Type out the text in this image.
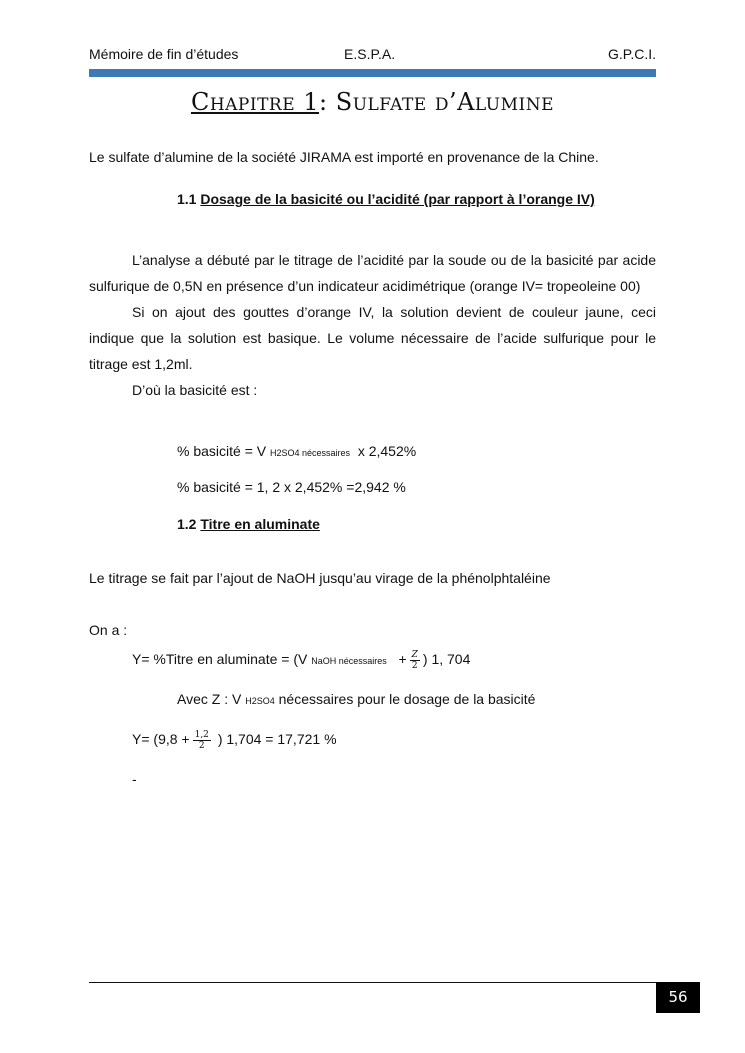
Mémoire de fin d’études	E.S.P.A.	G.P.C.I.
Chapitre 1: Sulfate d’Alumine
Le sulfate d’alumine de la société JIRAMA est importé en provenance de la Chine.
1.1 Dosage de la basicité ou l’acidité (par rapport à l’orange IV)

L’analyse a débuté par le titrage de l’acidité par la soude ou de la basicité par acide sulfurique de 0,5N en présence d’un indicateur acidimétrique (orange IV= tropeoleine 00)

Si on ajout des gouttes d’orange IV, la solution devient de couleur jaune, ceci indique que la solution est basique. Le volume nécessaire de l’acide sulfurique pour le titrage est 1,2ml.

D’où la basicité est :

% basicité = V H2SO4 nécessaires x 2,452%
% basicité = 1, 2 x 2,452% =2,942 %
1.2 Titre en aluminate
Le titrage se fait par l’ajout de NaOH jusqu’au virage de la phénolphtaléine
On a :
Y= %Titre en aluminate = (V NaOH nécessaires + $\frac{Z}{2}$ ) 1, 704
Avec Z : V H2SO4 nécessaires pour le dosage de la basicité
$Y= (9,8 + \frac{1,2}{2}$ ) 1,704 = 17,721 %
-
56
